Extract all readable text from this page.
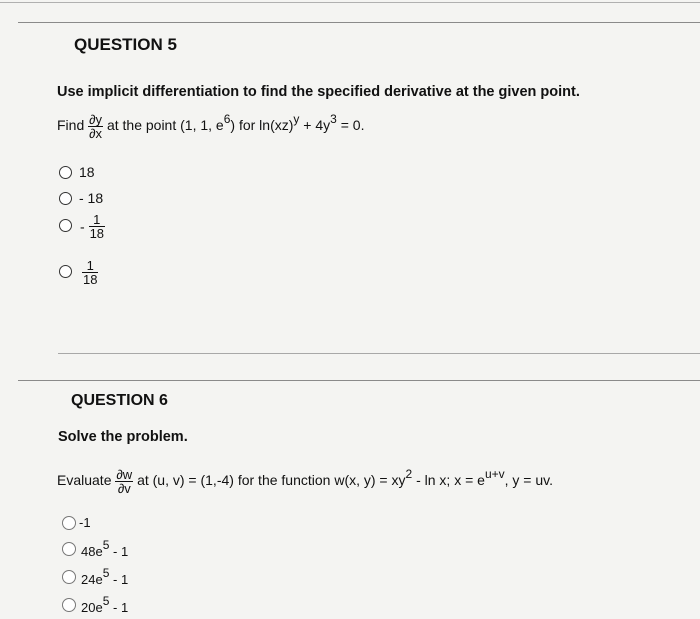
QUESTION 5
Use implicit differentiation to find the specified derivative at the given point.
Find $\frac{\partial y}{\partial x}$ at the point (1, 1, $e^6$) for $\ln(xz)^y + 4y^3 = 0$.
18
- 18
- $\frac{1}{18}$
$\frac{1}{18}$
QUESTION 6
Solve the problem.
Evaluate $\frac{\partial w}{\partial v}$ at (u, v) = (1,-4) for the function w(x, $y) = xy^2 - \ln x$; $x = e^{u+v}$, y = uv.
-1
$48e^5 - 1$
$24e^5 - 1$
$20e^5 - 1$
